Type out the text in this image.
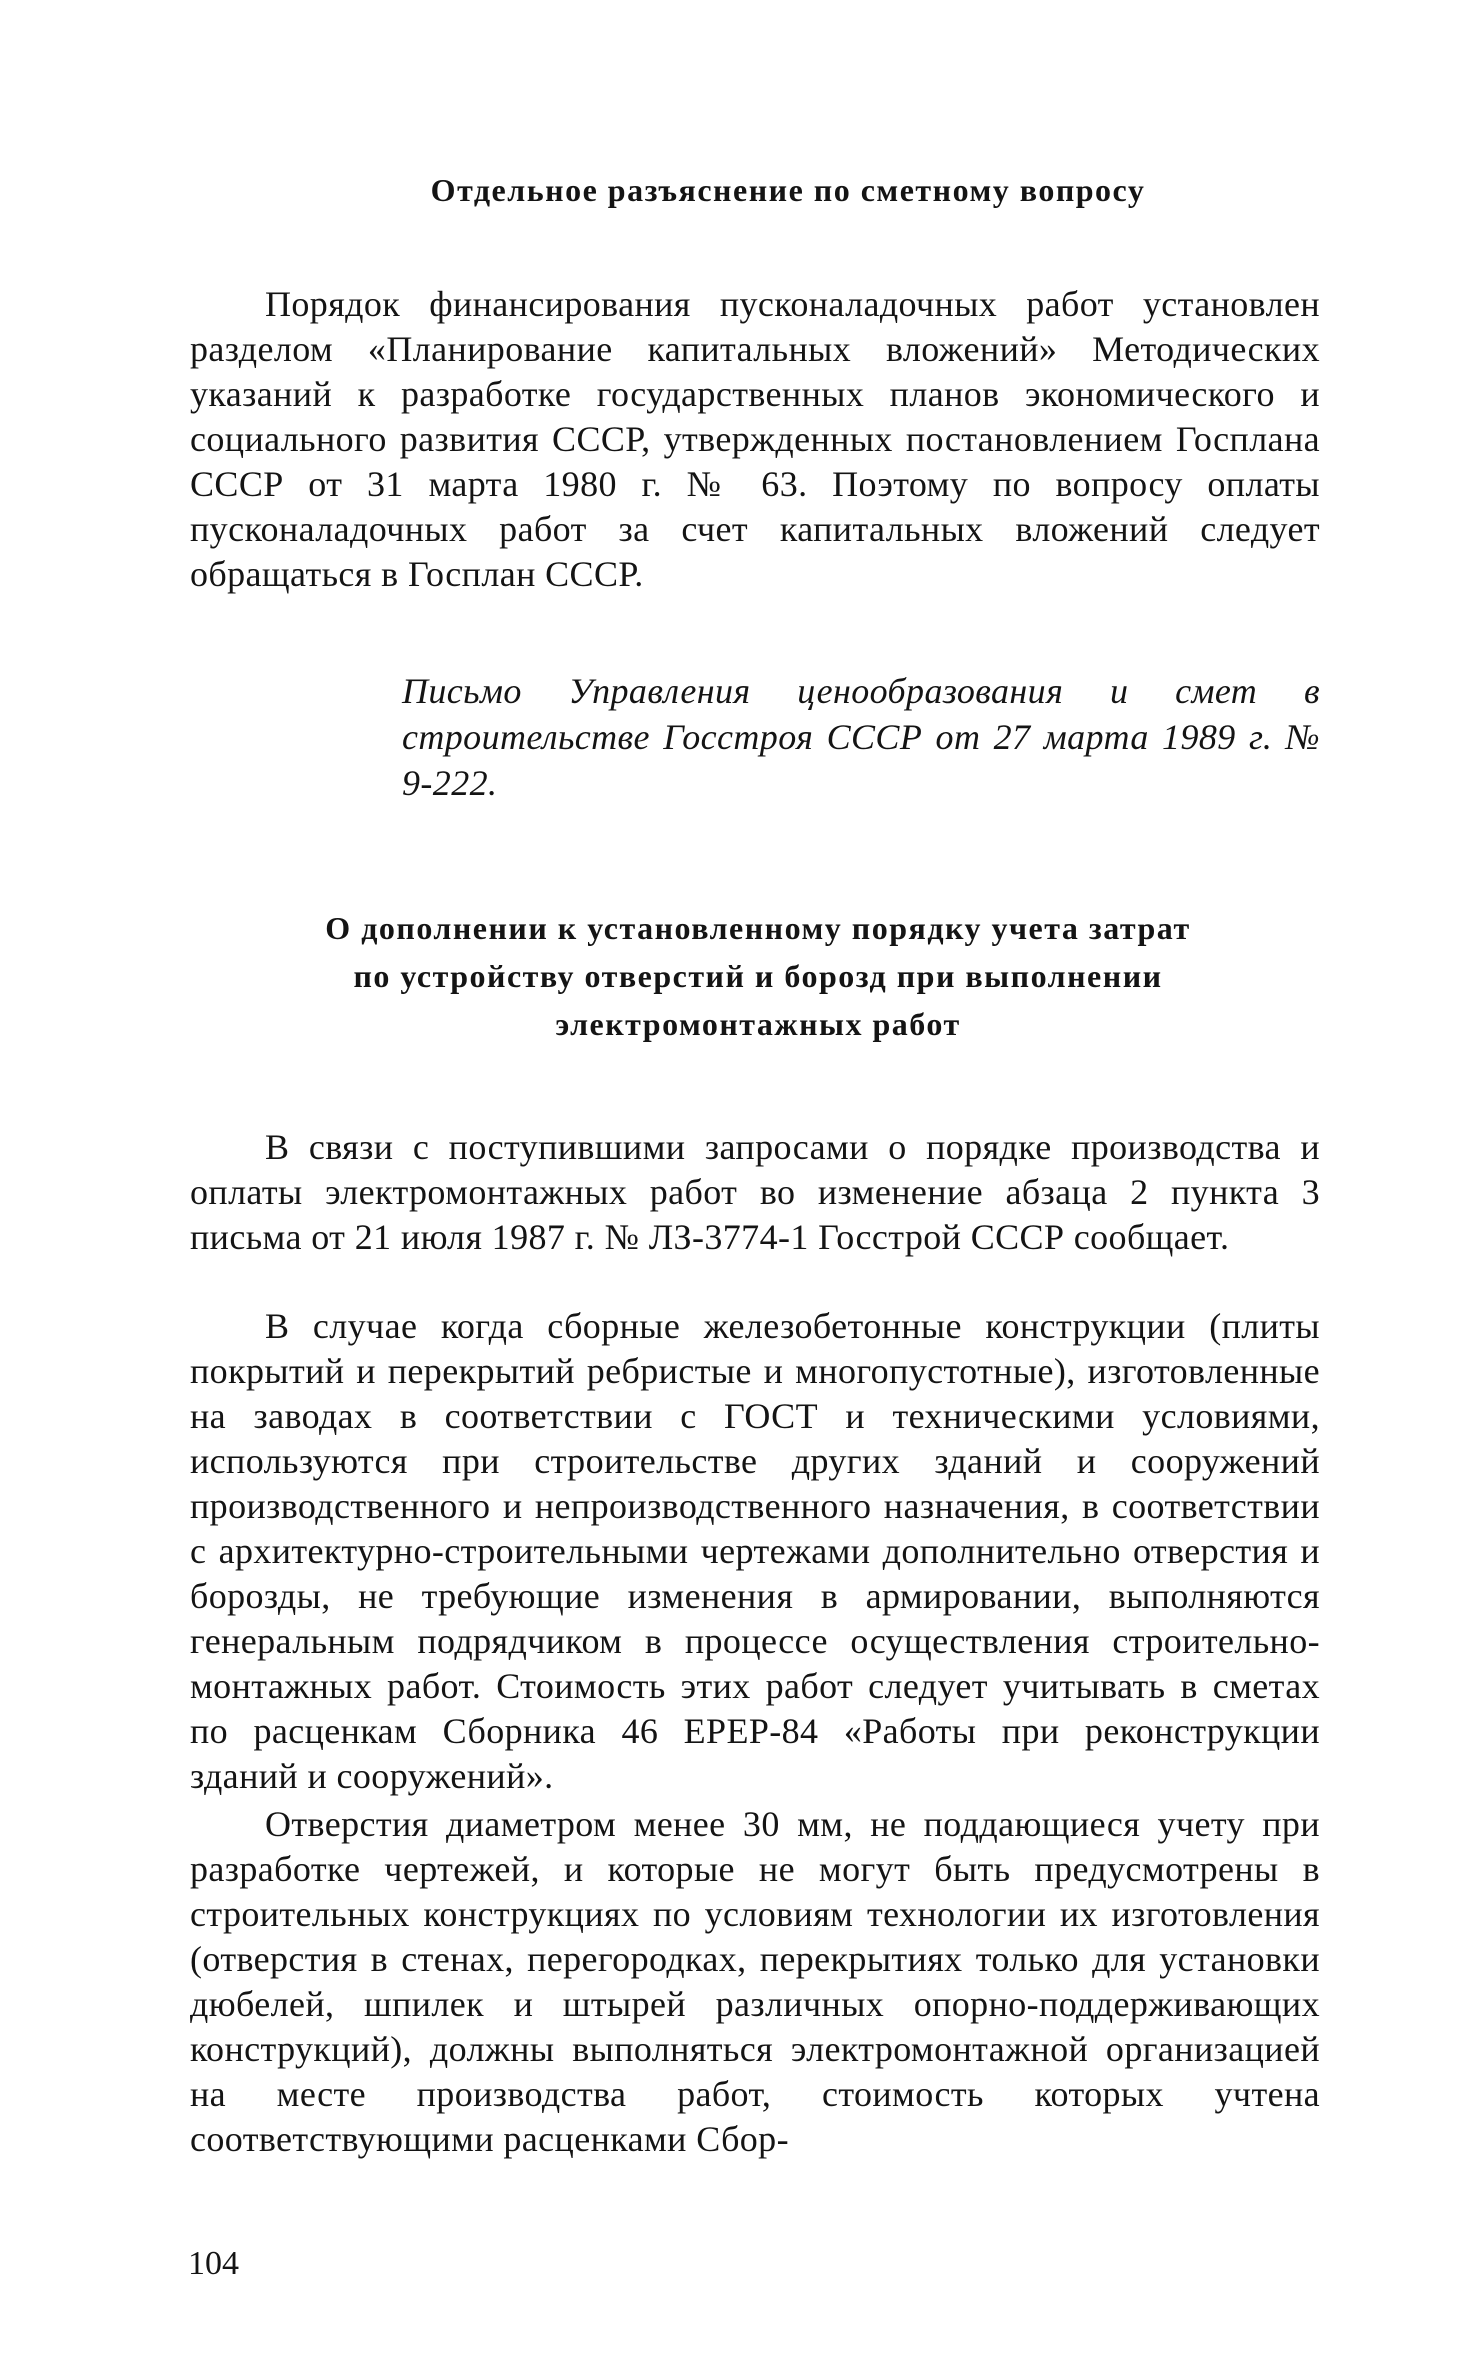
Отдельное разъяснение по сметному вопросу

Порядок финансирования пусконаладочных работ установлен разделом «Планирование капитальных вложений» Методических указаний к разработке государственных планов экономического и социального развития СССР, утвержденных постановлением Госплана СССР от 31 марта 1980 г. № 63. Поэтому по вопросу оплаты пусконаладочных работ за счет капитальных вложений следует обращаться в Госплан СССР.

Письмо Управления ценообразования и смет в строительстве Госстроя СССР от 27 марта 1989 г. № 9-222.

О дополнении к установленному порядку учета затрат
по устройству отверстий и борозд при выполнении
электромонтажных работ

В связи с поступившими запросами о порядке производства и оплаты электромонтажных работ во изменение абзаца 2 пункта 3 письма от 21 июля 1987 г. № ЛЗ-3774-1 Госстрой СССР сообщает.

В случае когда сборные железобетонные конструкции (плиты покрытий и перекрытий ребристые и многопустотные), изготовленные на заводах в соответствии с ГОСТ и техническими условиями, используются при строительстве других зданий и сооружений производственного и непроизводственного назначения, в соответствии с архитектурно-строительными чертежами дополнительно отверстия и борозды, не требующие изменения в армировании, выполняются генеральным подрядчиком в процессе осуществления строительно-монтажных работ. Стоимость этих работ следует учитывать в сметах по расценкам Сборника 46 ЕРЕР-84 «Работы при реконструкции зданий и сооружений».

Отверстия диаметром менее 30 мм, не поддающиеся учету при разработке чертежей, и которые не могут быть предусмотрены в строительных конструкциях по условиям технологии их изготовления (отверстия в стенах, перегородках, перекрытиях только для установки дюбелей, шпилек и штырей различных опорно-поддерживающих конструкций), должны выполняться электромонтажной организацией на месте производства работ, стоимость которых учтена соответствующими расценками Сбор-

104
